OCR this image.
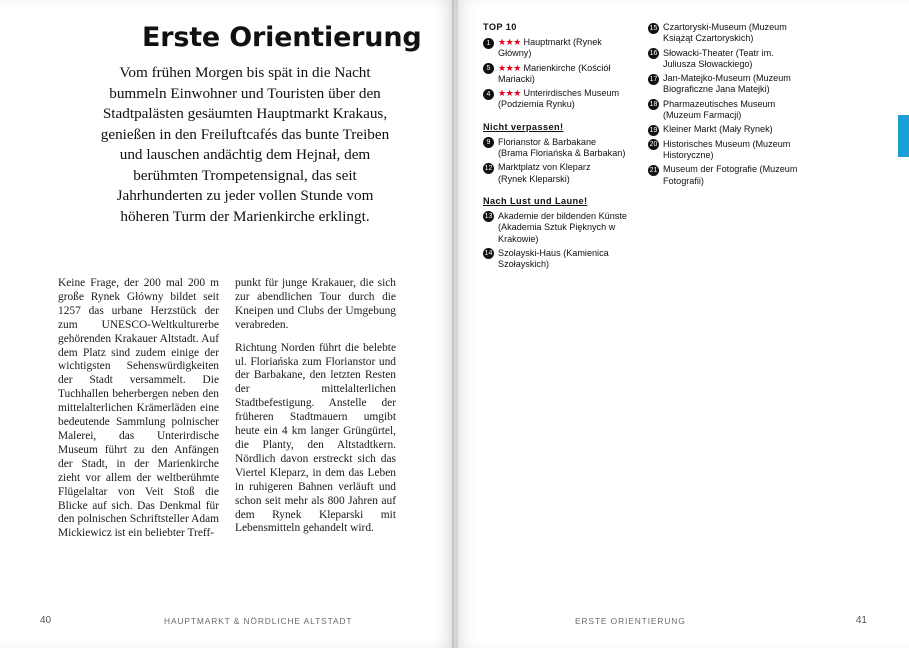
Erste Orientierung
Vom frühen Morgen bis spät in die Nacht bummeln Einwohner und Touristen über den Stadtpalästen gesäumten Hauptmarkt Krakaus, genießen in den Freiluftcafés das bunte Treiben und lauschen andächtig dem Hejnał, dem berühmten Trompetensignal, das seit Jahrhunderten zu jeder vollen Stunde vom höheren Turm der Marienkirche erklingt.
Keine Frage, der 200 mal 200 m große Rynek Główny bildet seit 1257 das urbane Herzstück der zum UNESCO-Weltkulturerbe gehörenden Krakauer Altstadt. Auf dem Platz sind zudem einige der wichtigsten Sehenswürdigkeiten der Stadt versammelt. Die Tuchhallen beherbergen neben den mittelalterlichen Krämerläden eine bedeutende Sammlung polnischer Malerei, das Unterirdische Museum führt zu den Anfängen der Stadt, in der Marienkirche zieht vor allem der weltberühmte Flügelaltar von Veit Stoß die Blicke auf sich. Das Denkmal für den polnischen Schriftsteller Adam Mickiewicz ist ein beliebter Treff-

punkt für junge Krakauer, die sich zur abendlichen Tour durch die Kneipen und Clubs der Umgebung verabreden.

Richtung Norden führt die belebte ul. Floriańska zum Florianstor und der Barbakane, den letzten Resten der mittelalterlichen Stadtbefestigung. Anstelle der früheren Stadtmauern umgibt heute ein 4 km langer Grüngürtel, die Planty, den Altstadtkern. Nördlich davon erstreckt sich das Viertel Kleparz, in dem das Leben in ruhigeren Bahnen verläuft und schon seit mehr als 800 Jahren auf dem Rynek Kleparski mit Lebensmitteln gehandelt wird.

40	HAUPTMARKT & NÖRDLICHE ALTSTADT
TOP 10
1 ★★★ Hauptmarkt (Rynek Główny)
5 ★★★ Marienkirche (Kościół Mariacki)
4 ★★★ Unterirdisches Museum
(Podziemia Rynku)
Nicht verpassen!
9 Florianstor & Barbakane
(Brama Floriańska & Barbakan)
12 Marktplatz von Kleparz
(Rynek Kleparski)
Nach Lust und Laune!
13 Akademie der bildenden Künste
(Akademia Sztuk Pięknych w Krakowie)
14 Szolayski-Haus (Kamienica Szołayskich)
15 Czartoryski-Museum (Muzeum Książąt Czartoryskich)
16 Słowacki-Theater (Teatr im. Juliusza Słowackiego)
17 Jan-Matejko-Museum (Muzeum Biograficzne Jana Matejki)
18 Pharmazeutisches Museum (Muzeum Farmacji)
19 Kleiner Markt (Mały Rynek)
20 Historisches Museum (Muzeum Historyczne)
21 Museum der Fotografie (Muzeum Fotografii)
ERSTE ORIENTIERUNG	41
